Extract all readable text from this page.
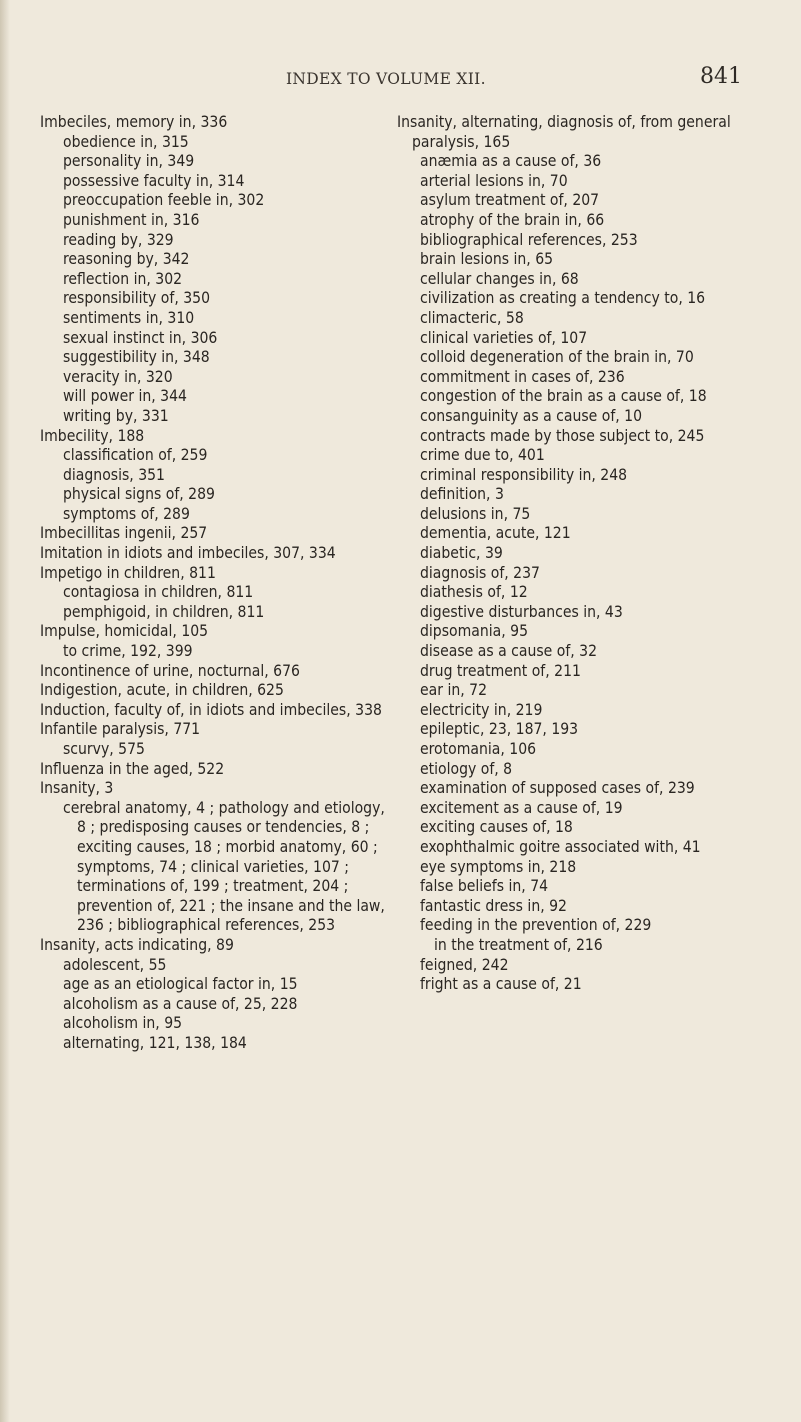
INDEX TO VOLUME XII.	841
Imbeciles, memory in, 336
obedience in, 315
personality in, 349
possessive faculty in, 314
preoccupation feeble in, 302
punishment in, 316
reading by, 329
reasoning by, 342
reflection in, 302
responsibility of, 350
sentiments in, 310
sexual instinct in, 306
suggestibility in, 348
veracity in, 320
will power in, 344
writing by, 331
Imbecility, 188
classification of, 259
diagnosis, 351
physical signs of, 289
symptoms of, 289
Imbecillitas ingenii, 257
Imitation in idiots and imbeciles, 307, 334
Impetigo in children, 811
contagiosa in children, 811
pemphigoid, in children, 811
Impulse, homicidal, 105
to crime, 192, 399
Incontinence of urine, nocturnal, 676
Indigestion, acute, in children, 625
Induction, faculty of, in idiots and imbeciles, 338
Infantile paralysis, 771
scurvy, 575
Influenza in the aged, 522
Insanity, 3
cerebral anatomy, 4 ; pathology and etiology, 8 ; predisposing causes or tendencies, 8 ; exciting causes, 18 ; morbid anatomy, 60 ; symptoms, 74 ; clinical varieties, 107 ; terminations of, 199 ; treatment, 204 ; prevention of, 221 ; the insane and the law, 236 ; bibliographical references, 253
Insanity, acts indicating, 89
adolescent, 55
age as an etiological factor in, 15
alcoholism as a cause of, 25, 228
alcoholism in, 95
alternating, 121, 138, 184
Insanity, alternating, diagnosis of, from general paralysis, 165
anæmia as a cause of, 36
arterial lesions in, 70
asylum treatment of, 207
atrophy of the brain in, 66
bibliographical references, 253
brain lesions in, 65
cellular changes in, 68
civilization as creating a tendency to, 16
climacteric, 58
clinical varieties of, 107
colloid degeneration of the brain in, 70
commitment in cases of, 236
congestion of the brain as a cause of, 18
consanguinity as a cause of, 10
contracts made by those subject to, 245
crime due to, 401
criminal responsibility in, 248
definition, 3
delusions in, 75
dementia, acute, 121
diabetic, 39
diagnosis of, 237
diathesis of, 12
digestive disturbances in, 43
dipsomania, 95
disease as a cause of, 32
drug treatment of, 211
ear in, 72
electricity in, 219
epileptic, 23, 187, 193
erotomania, 106
etiology of, 8
examination of supposed cases of, 239
excitement as a cause of, 19
exciting causes of, 18
exophthalmic goitre associated with, 41
eye symptoms in, 218
false beliefs in, 74
fantastic dress in, 92
feeding in the prevention of, 229
in the treatment of, 216
feigned, 242
fright as a cause of, 21
